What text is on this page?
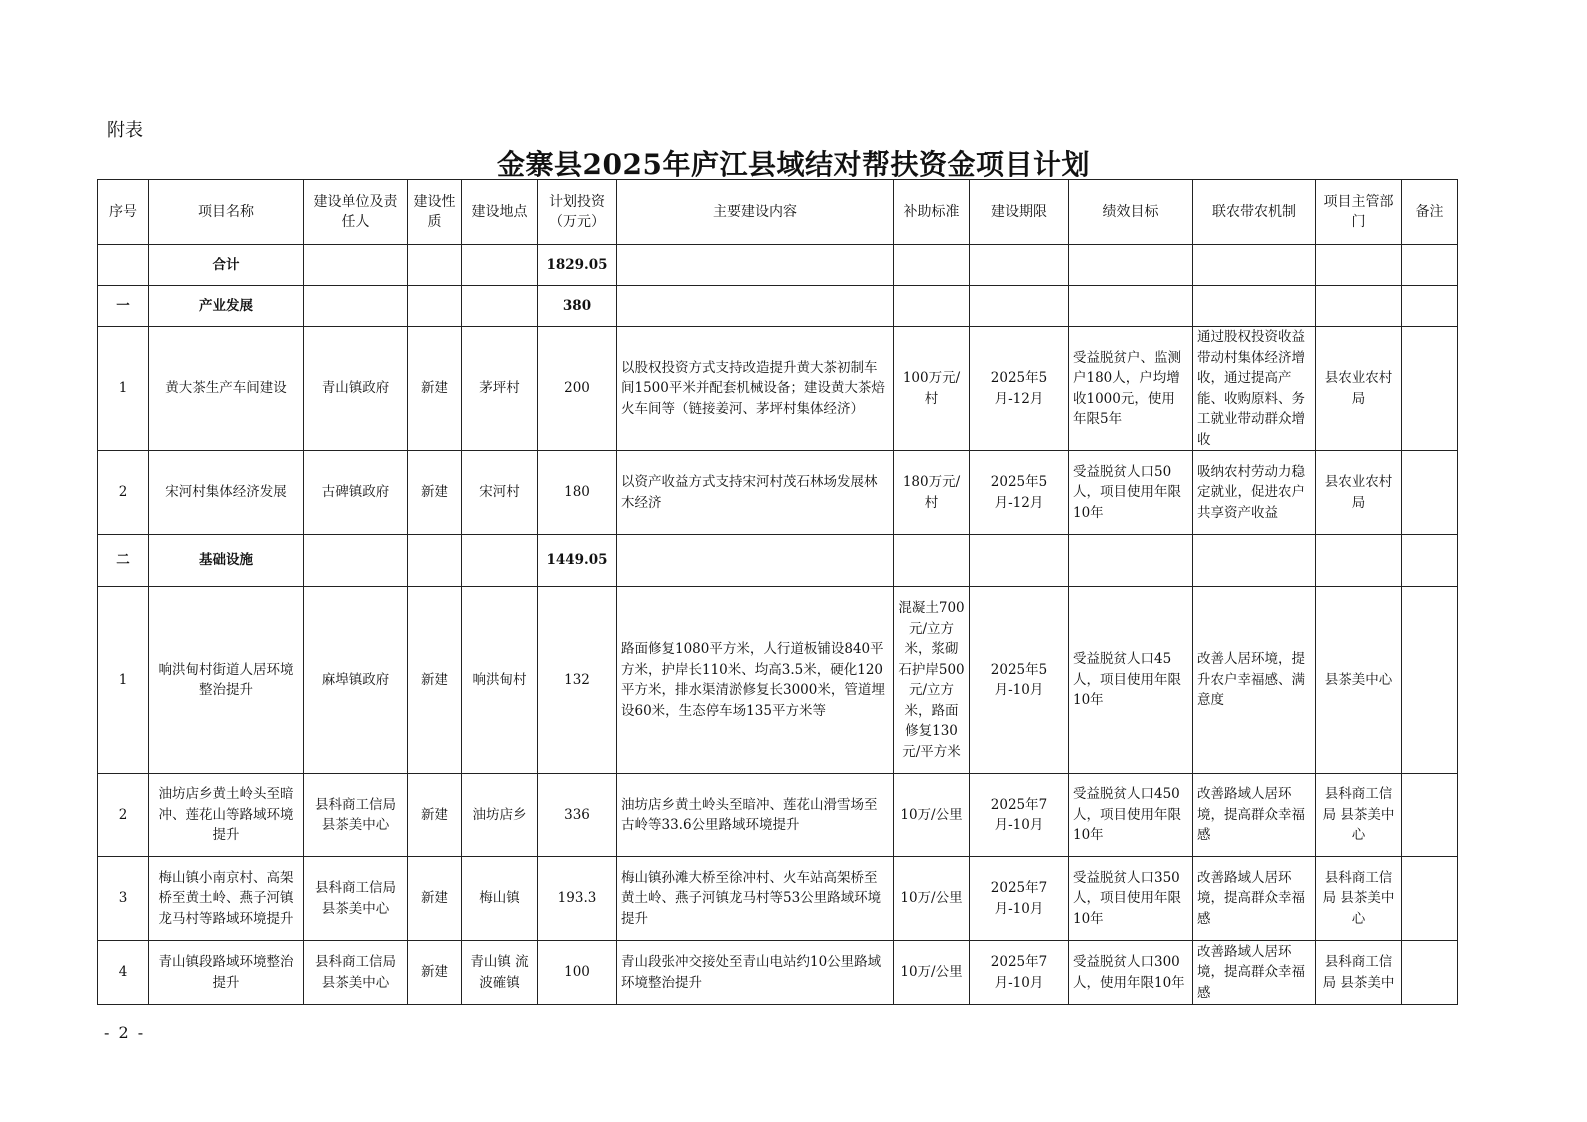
附表
金寨县2025年庐江县域结对帮扶资金项目计划
序号	项目名称	建设单位及责任人	建设性质	建设地点	计划投资（万元）	主要建设内容	补助标准	建设期限	绩效目标	联农带农机制	项目主管部门	备注
	合计				1829.05							
一	产业发展				380							
1	黄大茶生产车间建设	青山镇政府	新建	茅坪村	200	以股权投资方式支持改造提升黄大茶初制车间1500平米并配套机械设备；建设黄大茶焙火车间等（链接姜河、茅坪村集体经济）	100万元/村	2025年5月-12月	受益脱贫户、监测户180人，户均增收1000元，使用年限5年	通过股权投资收益带动村集体经济增收，通过提高产能、收购原料、务工就业带动群众增收	县农业农村局	
2	宋河村集体经济发展	古碑镇政府	新建	宋河村	180	以资产收益方式支持宋河村茂石林场发展林木经济	180万元/村	2025年5月-12月	受益脱贫人口50人，项目使用年限10年	吸纳农村劳动力稳定就业，促进农户共享资产收益	县农业农村局	
二	基础设施				1449.05							
1	响洪甸村街道人居环境整治提升	麻埠镇政府	新建	响洪甸村	132	路面修复1080平方米，人行道板铺设840平方米，护岸长110米、均高3.5米，硬化120平方米，排水渠清淤修复长3000米，管道埋设60米，生态停车场135平方米等	混凝土700元/立方米，浆砌石护岸500元/立方米，路面修复130元/平方米	2025年5月-10月	受益脱贫人口45人，项目使用年限10年	改善人居环境，提升农户幸福感、满意度	县茶美中心	
2	油坊店乡黄土岭头至暗冲、莲花山等路域环境提升	县科商工信局 县茶美中心	新建	油坊店乡	336	油坊店乡黄土岭头至暗冲、莲花山滑雪场至古岭等33.6公里路域环境提升	10万/公里	2025年7月-10月	受益脱贫人口450人，项目使用年限10年	改善路域人居环境，提高群众幸福感	县科商工信局 县茶美中心	
3	梅山镇小南京村、高架桥至黄土岭、燕子河镇龙马村等路域环境提升	县科商工信局 县茶美中心	新建	梅山镇	193.3	梅山镇孙滩大桥至徐冲村、火车站高架桥至黄土岭、燕子河镇龙马村等53公里路域环境提升	10万/公里	2025年7月-10月	受益脱贫人口350人，项目使用年限10年	改善路域人居环境，提高群众幸福感	县科商工信局 县茶美中心	
4	青山镇段路域环境整治提升	县科商工信局 县茶美中心	新建	青山镇 流波確镇	100	青山段张冲交接处至青山电站约10公里路域环境整治提升	10万/公里	2025年7月-10月	受益脱贫人口300人，使用年限10年	改善路域人居环境，提高群众幸福感	县科商工信局 县茶美中	
- 2 -
